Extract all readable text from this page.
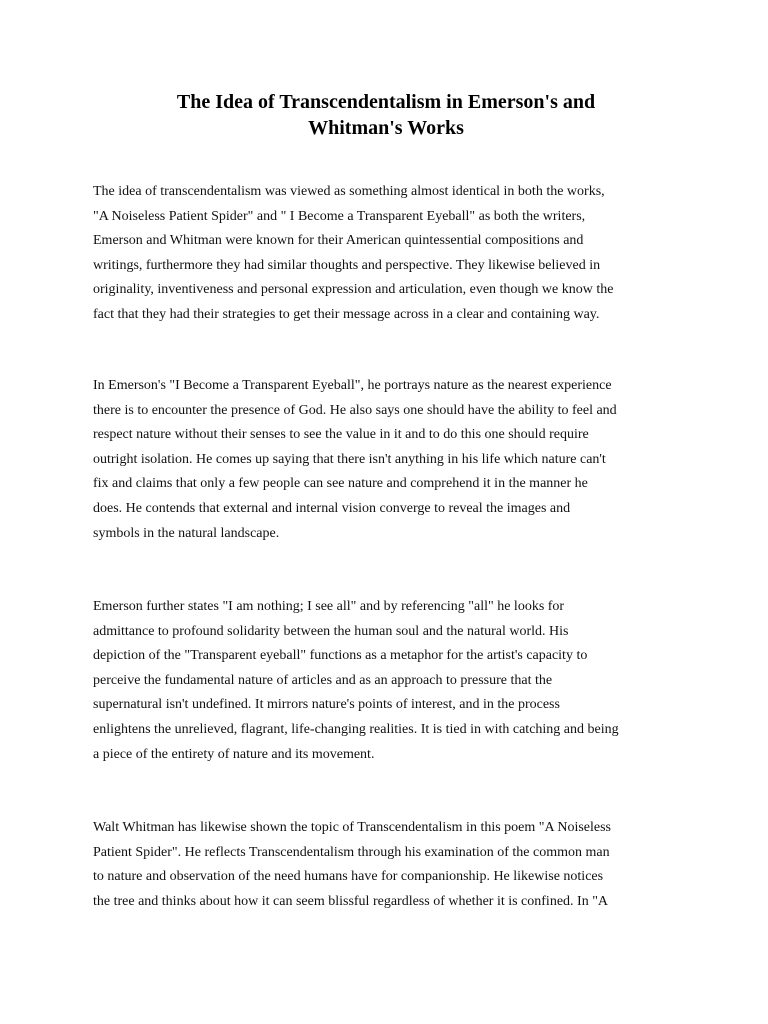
The Idea of Transcendentalism in Emerson's and
Whitman's Works
The idea of transcendentalism was viewed as something almost identical in both the works,
"A Noiseless Patient Spider" and " I Become a Transparent Eyeball" as both the writers,
Emerson and Whitman were known for their American quintessential compositions and
writings, furthermore they had similar thoughts and perspective. They likewise believed in
originality, inventiveness and personal expression and articulation, even though we know the
fact that they had their strategies to get their message across in a clear and containing way.
In Emerson's "I Become a Transparent Eyeball", he portrays nature as the nearest experience
there is to encounter the presence of God. He also says one should have the ability to feel and
respect nature without their senses to see the value in it and to do this one should require
outright isolation. He comes up saying that there isn't anything in his life which nature can't
fix and claims that only a few people can see nature and comprehend it in the manner he
does. He contends that external and internal vision converge to reveal the images and
symbols in the natural landscape.
Emerson further states "I am nothing; I see all" and by referencing "all" he looks for
admittance to profound solidarity between the human soul and the natural world. His
depiction of the "Transparent eyeball" functions as a metaphor for the artist's capacity to
perceive the fundamental nature of articles and as an approach to pressure that the
supernatural isn't undefined. It mirrors nature's points of interest, and in the process
enlightens the unrelieved, flagrant, life-changing realities. It is tied in with catching and being
a piece of the entirety of nature and its movement.
Walt Whitman has likewise shown the topic of Transcendentalism in this poem "A Noiseless
Patient Spider". He reflects Transcendentalism through his examination of the common man
to nature and observation of the need humans have for companionship. He likewise notices
the tree and thinks about how it can seem blissful regardless of whether it is confined. In "A
